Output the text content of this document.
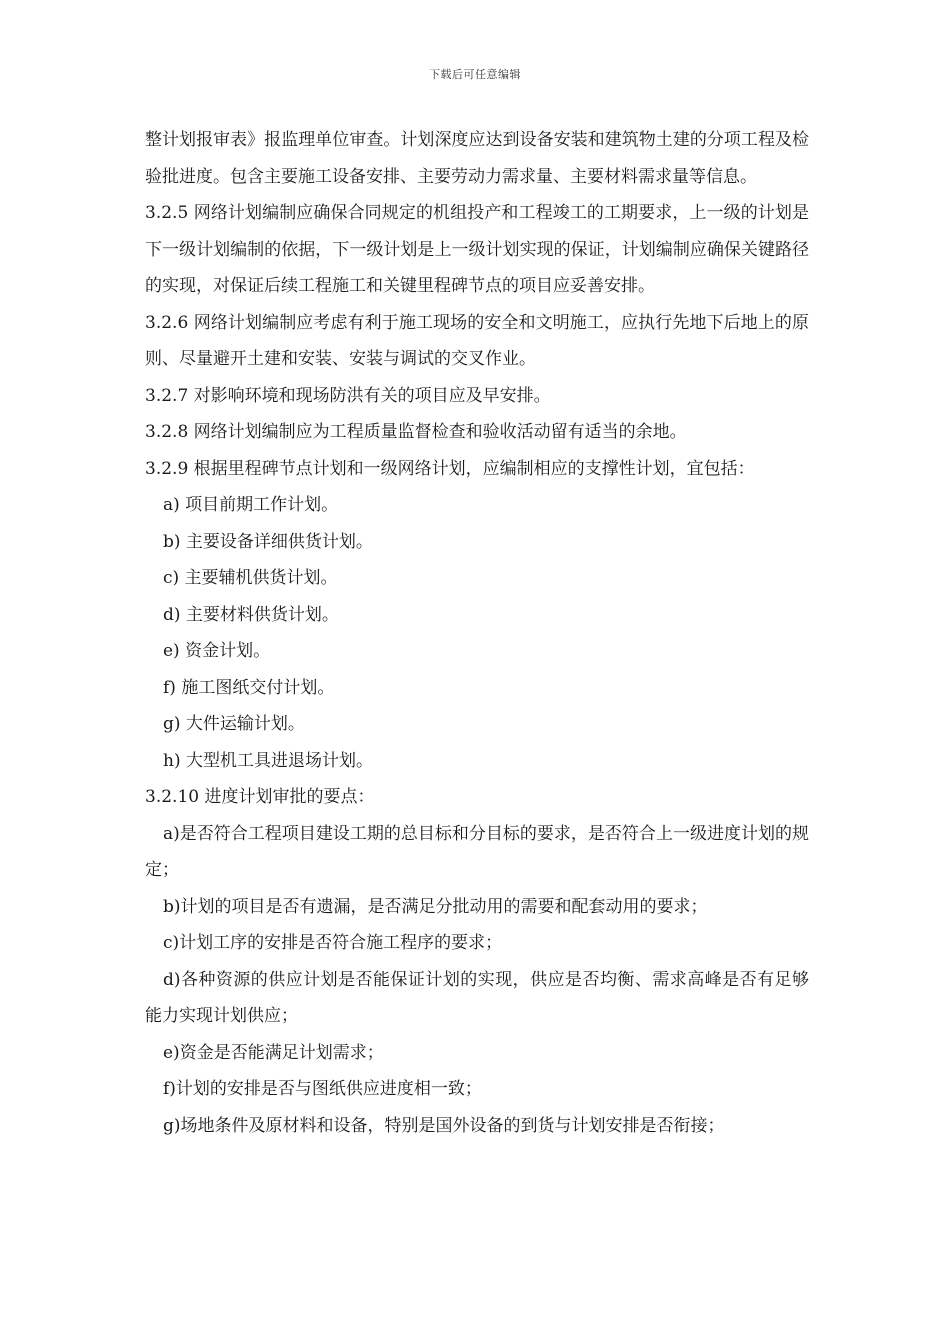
下载后可任意编辑

整计划报审表》报监理单位审查。计划深度应达到设备安装和建筑物土建的分项工程及检验批进度。包含主要施工设备安排、主要劳动力需求量、主要材料需求量等信息。

3.2.5 网络计划编制应确保合同规定的机组投产和工程竣工的工期要求，上一级的计划是下一级计划编制的依据，下一级计划是上一级计划实现的保证，计划编制应确保关键路径的实现，对保证后续工程施工和关键里程碑节点的项目应妥善安排。

3.2.6 网络计划编制应考虑有利于施工现场的安全和文明施工，应执行先地下后地上的原则、尽量避开土建和安装、安装与调试的交叉作业。

3.2.7 对影响环境和现场防洪有关的项目应及早安排。

3.2.8 网络计划编制应为工程质量监督检查和验收活动留有适当的余地。

3.2.9 根据里程碑节点计划和一级网络计划，应编制相应的支撑性计划，宜包括：

a) 项目前期工作计划。

b) 主要设备详细供货计划。

c) 主要辅机供货计划。

d) 主要材料供货计划。

e) 资金计划。

f) 施工图纸交付计划。

g) 大件运输计划。

h) 大型机工具进退场计划。

3.2.10 进度计划审批的要点：

a)是否符合工程项目建设工期的总目标和分目标的要求，是否符合上一级进度计划的规定；

b)计划的项目是否有遗漏，是否满足分批动用的需要和配套动用的要求；

c)计划工序的安排是否符合施工程序的要求；

d)各种资源的供应计划是否能保证计划的实现，供应是否均衡、需求高峰是否有足够能力实现计划供应；

e)资金是否能满足计划需求；

f)计划的安排是否与图纸供应进度相一致；

g)场地条件及原材料和设备，特别是国外设备的到货与计划安排是否衔接；
